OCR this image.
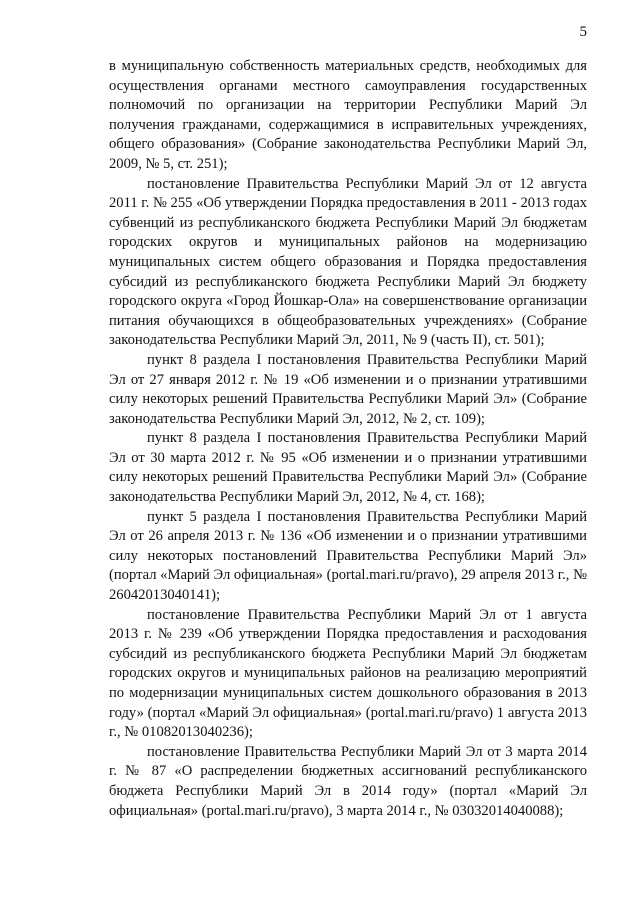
5

в муниципальную собственность материальных средств, необходимых для осуществления органами местного самоуправления государственных полномочий по организации на территории Республики Марий Эл получения гражданами, содержащимися в исправительных учреждениях, общего образования» (Собрание законодательства Республики Марий Эл, 2009, № 5, ст. 251);

постановление Правительства Республики Марий Эл от 12 августа 2011 г. № 255 «Об утверждении Порядка предоставления в 2011 - 2013 годах субвенций из республиканского бюджета Республики Марий Эл бюджетам городских округов и муниципальных районов на модернизацию муниципальных систем общего образования и Порядка предоставления субсидий из республиканского бюджета Республики Марий Эл бюджету городского округа «Город Йошкар-Ола» на совершенствование организации питания обучающихся в общеобразовательных учреждениях» (Собрание законодательства Республики Марий Эл, 2011, № 9 (часть II), ст. 501);

пункт 8 раздела I постановления Правительства Республики Марий Эл от 27 января 2012 г. № 19 «Об изменении и о признании утратившими силу некоторых решений Правительства Республики Марий Эл» (Собрание законодательства Республики Марий Эл, 2012, № 2, ст. 109);

пункт 8 раздела I постановления Правительства Республики Марий Эл от 30 марта 2012 г. № 95 «Об изменении и о признании утратившими силу некоторых решений Правительства Республики Марий Эл» (Собрание законодательства Республики Марий Эл, 2012, № 4, ст. 168);

пункт 5 раздела I постановления Правительства Республики Марий Эл от 26 апреля 2013 г. № 136 «Об изменении и о признании утратившими силу некоторых постановлений Правительства Республики Марий Эл» (портал «Марий Эл официальная» (portal.mari.ru/pravo), 29 апреля 2013 г., № 26042013040141);

постановление Правительства Республики Марий Эл от 1 августа 2013 г. № 239 «Об утверждении Порядка предоставления и расходования субсидий из республиканского бюджета Республики Марий Эл бюджетам городских округов и муниципальных районов на реализацию мероприятий по модернизации муниципальных систем дошкольного образования в 2013 году» (портал «Марий Эл официальная» (portal.mari.ru/pravo) 1 августа 2013 г., № 01082013040236);

постановление Правительства Республики Марий Эл от 3 марта 2014 г. № 87 «О распределении бюджетных ассигнований республиканского бюджета Республики Марий Эл в 2014 году» (портал «Марий Эл официальная» (portal.mari.ru/pravo), 3 марта 2014 г., № 03032014040088);
